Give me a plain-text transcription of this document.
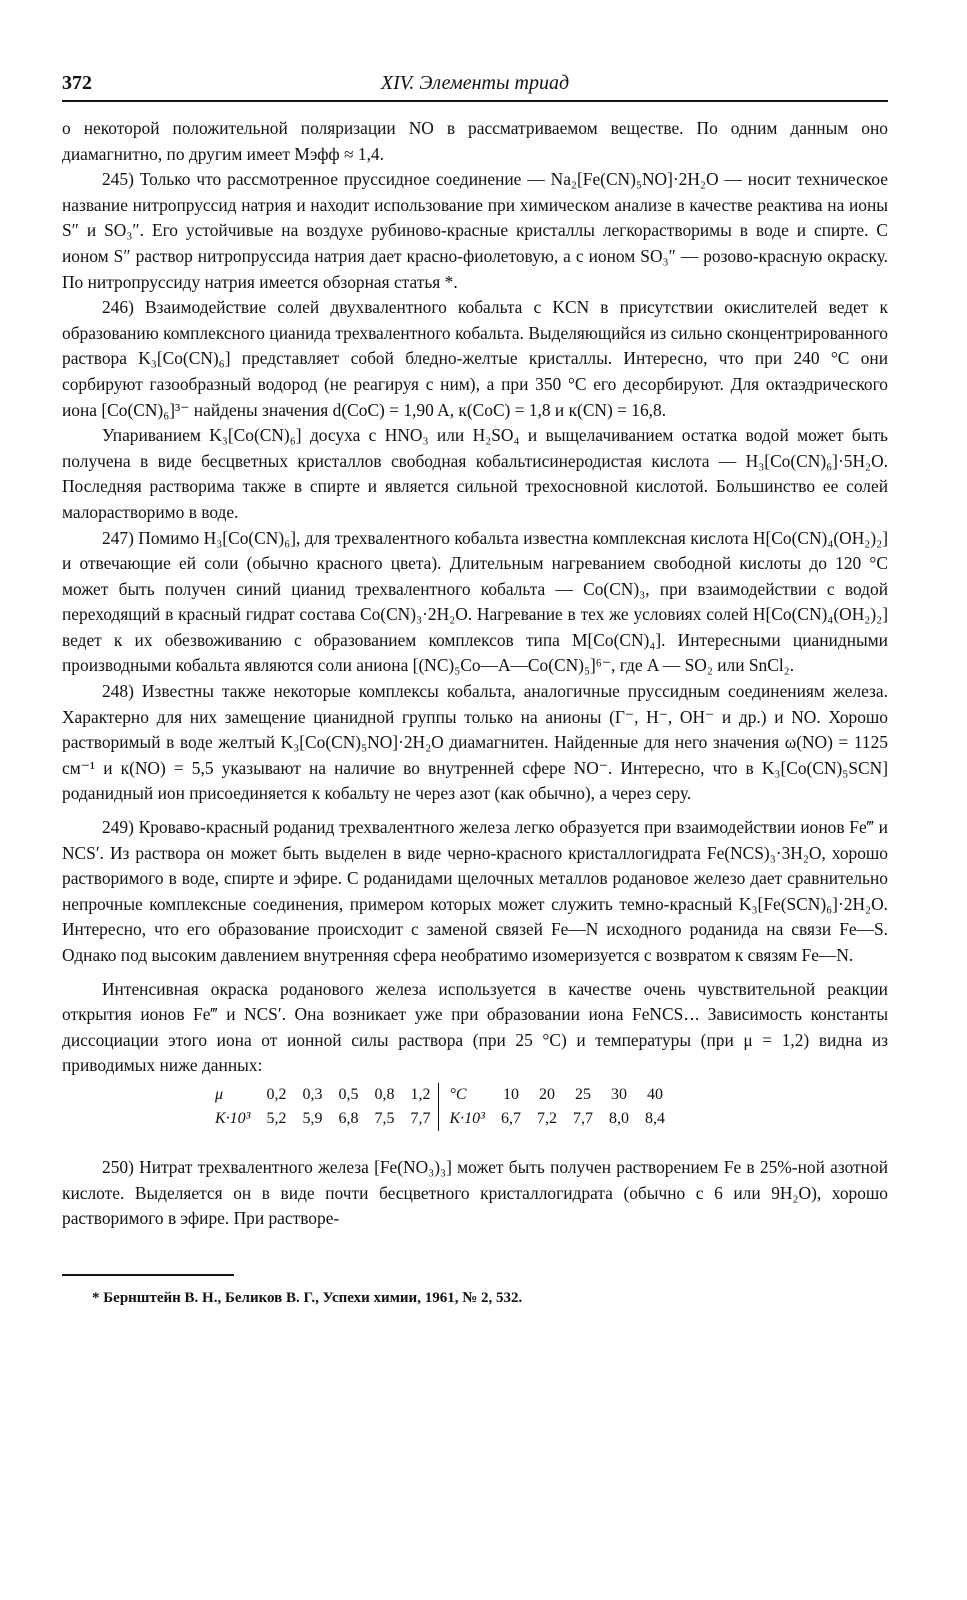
372	XIV. Элементы триад

о некоторой положительной поляризации NO в рассматриваемом веществе. По одним данным оно диамагнитно, по другим имеет Mэфф ≈ 1,4.

245) Только что рассмотренное пруссидное соединение — Na₂[Fe(CN)₅NO]·2H₂O — носит техническое название нитропруссид натрия и находит использование при химическом анализе в качестве реактива на ионы S″ и SO₃″. Его устойчивые на воздухе рубиново-красные кристаллы легкорастворимы в воде и спирте. С ионом S″ раствор нитропруссида натрия дает красно-фиолетовую, а с ионом SO₃″ — розово-красную окраску. По нитропруссиду натрия имеется обзорная статья *.

246) Взаимодействие солей двухвалентного кобальта с KCN в присутствии окислителей ведет к образованию комплексного цианида трехвалентного кобальта. Выделяющийся из сильно сконцентрированного раствора K₃[Co(CN)₆] представляет собой бледно-желтые кристаллы. Интересно, что при 240 °C они сорбируют газообразный водород (не реагируя с ним), а при 350 °C его десорбируют. Для октаэдрического иона [Co(CN)₆]³⁻ найдены значения d(CoC) = 1,90 A, к(CoC) = 1,8 и к(CN) = 16,8.

Упариванием K₃[Co(CN)₆] досуха с HNO₃ или H₂SO₄ и выщелачиванием остатка водой может быть получена в виде бесцветных кристаллов свободная кобальтисинеродистая кислота — H₃[Co(CN)₆]·5H₂O. Последняя растворима также в спирте и является сильной трехосновной кислотой. Большинство ее солей малорастворимо в воде.

247) Помимо H₃[Co(CN)₆], для трехвалентного кобальта известна комплексная кислота H[Co(CN)₄(OH₂)₂] и отвечающие ей соли (обычно красного цвета). Длительным нагреванием свободной кислоты до 120 °C может быть получен синий цианид трехвалентного кобальта — Co(CN)₃, при взаимодействии с водой переходящий в красный гидрат состава Co(CN)₃·2H₂O. Нагревание в тех же условиях солей H[Co(CN)₄(OH₂)₂] ведет к их обезвоживанию с образованием комплексов типа M[Co(CN)₄]. Интересными цианидными производными кобальта являются соли аниона [(NC)₅Co—A—Co(CN)₅]⁶⁻, где A — SO₂ или SnCl₂.

248) Известны также некоторые комплексы кобальта, аналогичные пруссидным соединениям железа. Характерно для них замещение цианидной группы только на анионы (Г⁻, H⁻, OH⁻ и др.) и NO. Хорошо растворимый в воде желтый K₃[Co(CN)₅NO]·2H₂O диамагнитен. Найденные для него значения ω(NO) = 1125 см⁻¹ и к(NO) = 5,5 указывают на наличие во внутренней сфере NO⁻. Интересно, что в K₃[Co(CN)₅SCN] роданидный ион присоединяется к кобальту не через азот (как обычно), а через серу.

249) Кроваво-красный роданид трехвалентного железа легко образуется при взаимодействии ионов Fe‴ и NCS′. Из раствора он может быть выделен в виде черно-красного кристаллогидрата Fe(NCS)₃·3H₂O, хорошо растворимого в воде, спирте и эфире. С роданидами щелочных металлов родановое железо дает сравнительно непрочные комплексные соединения, примером которых может служить темно-красный K₃[Fe(SCN)₆]·2H₂O. Интересно, что его образование происходит с заменой связей Fe—N исходного роданида на связи Fe—S. Однако под высоким давлением внутренняя сфера необратимо изомеризуется с возвратом к связям Fe—N.

Интенсивная окраска роданового железа используется в качестве очень чувствительной реакции открытия ионов Fe‴ и NCS′. Она возникает уже при образовании иона FeNCS‥. Зависимость константы диссоциации этого иона от ионной силы раствора (при 25 °C) и температуры (при μ = 1,2) видна из приводимых ниже данных:

μ	0,2	0,3	0,5	0,8	1,2		°C	10	20	25	30	40
K·10³	5,2	5,9	6,8	7,5	7,7		K·10³	6,7	7,2	7,7	8,0	8,4

250) Нитрат трехвалентного железа [Fe(NO₃)₃] может быть получен растворением Fe в 25%-ной азотной кислоте. Выделяется он в виде почти бесцветного кристаллогидрата (обычно с 6 или 9H₂O), хорошо растворимого в эфире. При растворе-

* Бернштейн В. Н., Беликов В. Г., Успехи химии, 1961, № 2, 532.
